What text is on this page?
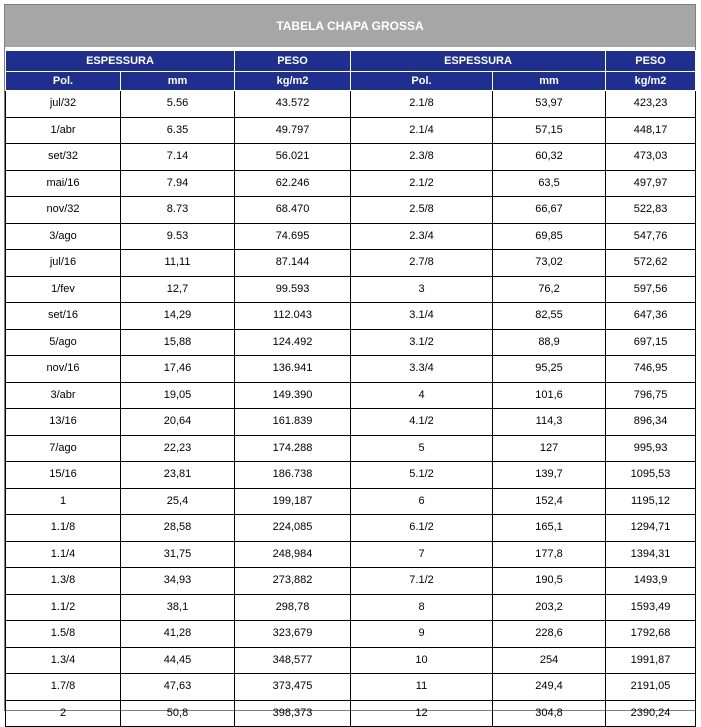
TABELA CHAPA GROSSA
ESPESSURA		PESO	ESPESSURA		PESO
Pol.	mm	kg/m2	Pol.	mm	kg/m2
jul/32	5.56	43.572	2.1/8	53,97	423,23
1/abr	6.35	49.797	2.1/4	57,15	448,17
set/32	7.14	56.021	2.3/8	60,32	473,03
mai/16	7.94	62.246	2.1/2	63,5	497,97
nov/32	8.73	68.470	2.5/8	66,67	522,83
3/ago	9.53	74.695	2.3/4	69,85	547,76
jul/16	11,11	87.144	2.7/8	73,02	572,62
1/fev	12,7	99.593	3	76,2	597,56
set/16	14,29	112.043	3.1/4	82,55	647,36
5/ago	15,88	124.492	3.1/2	88,9	697,15
nov/16	17,46	136.941	3.3/4	95,25	746,95
3/abr	19,05	149.390	4	101,6	796,75
13/16	20,64	161.839	4.1/2	114,3	896,34
7/ago	22,23	174.288	5	127	995,93
15/16	23,81	186.738	5.1/2	139,7	1095,53
1	25,4	199,187	6	152,4	1195,12
1.1/8	28,58	224,085	6.1/2	165,1	1294,71
1.1/4	31,75	248,984	7	177,8	1394,31
1.3/8	34,93	273,882	7.1/2	190,5	1493,9
1.1/2	38,1	298,78	8	203,2	1593,49
1.5/8	41,28	323,679	9	228,6	1792,68
1.3/4	44,45	348,577	10	254	1991,87
1.7/8	47,63	373,475	11	249,4	2191,05
2	50,8	398,373	12	304,8	2390,24
